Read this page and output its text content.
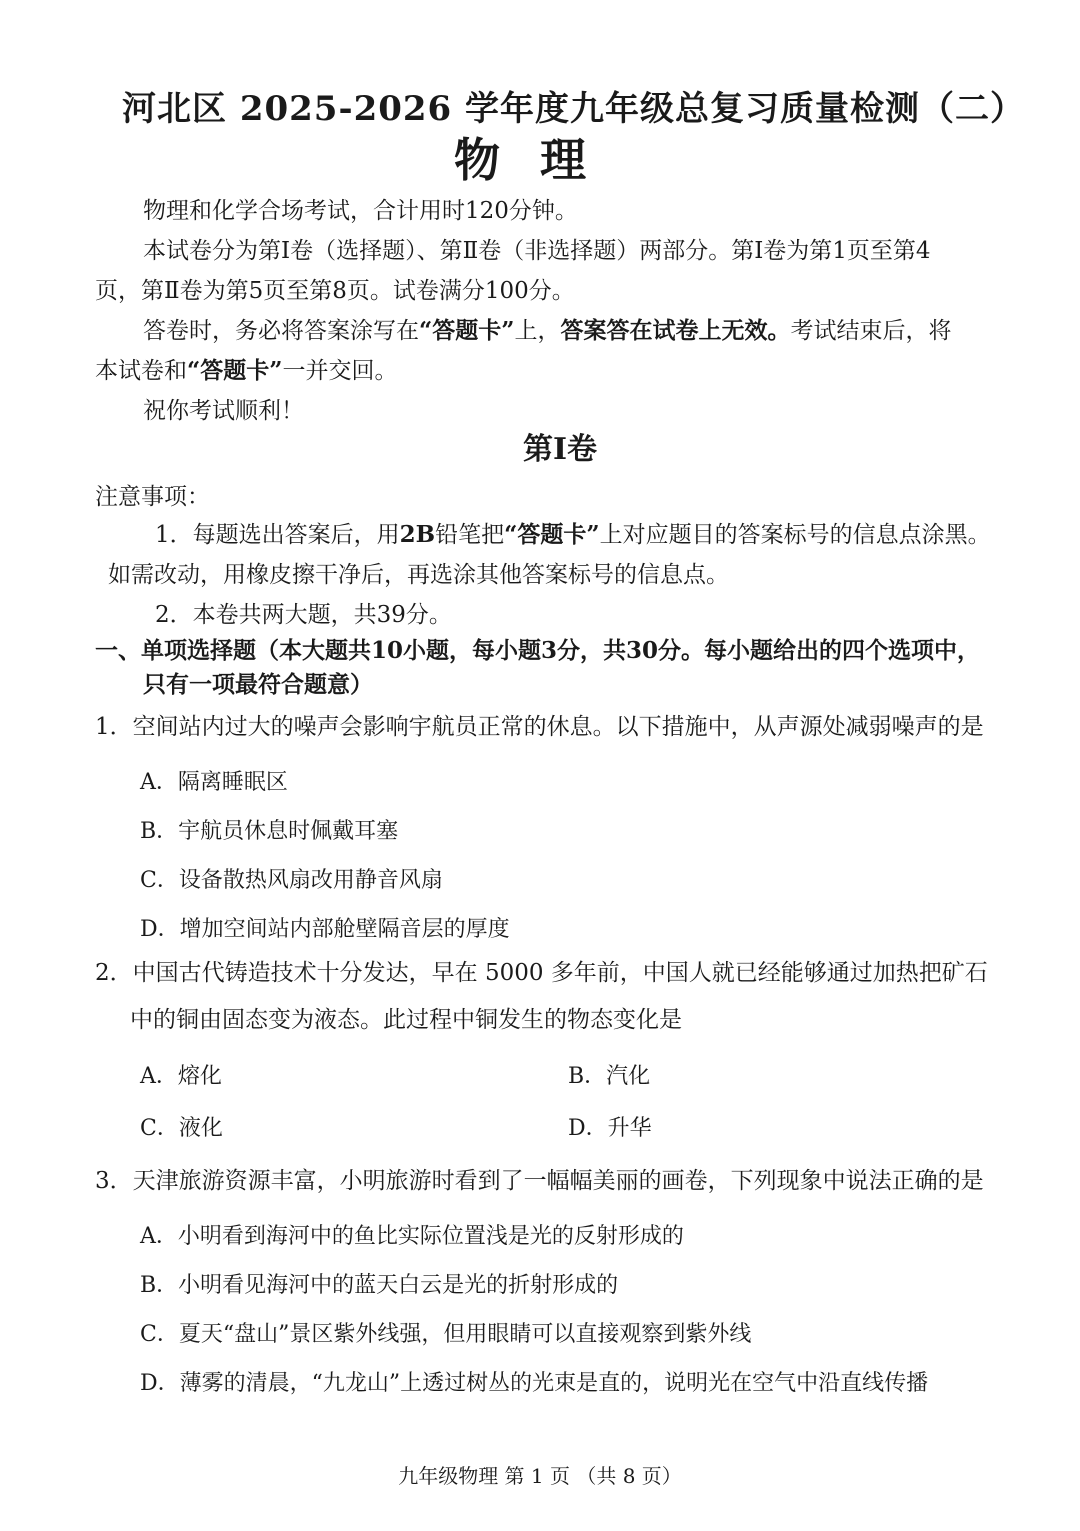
河北区 2025-2026 学年度九年级总复习质量检测（二）
物理
物理和化学合场考试，合计用时120分钟。
本试卷分为第Ⅰ卷（选择题）、第Ⅱ卷（非选择题）两部分。第Ⅰ卷为第1页至第4
页，第Ⅱ卷为第5页至第8页。试卷满分100分。
答卷时，务必将答案涂写在“答题卡”上，答案答在试卷上无效。考试结束后，将
本试卷和“答题卡”一并交回。
祝你考试顺利！
第Ⅰ卷
注意事项：
1．每题选出答案后，用2B铅笔把“答题卡”上对应题目的答案标号的信息点涂黑。
如需改动，用橡皮擦干净后，再选涂其他答案标号的信息点。
2．本卷共两大题，共39分。
一、单项选择题（本大题共10小题，每小题3分，共30分。每小题给出的四个选项中，
只有一项最符合题意）
1．空间站内过大的噪声会影响宇航员正常的休息。以下措施中，从声源处减弱噪声的是
A．隔离睡眠区
B．宇航员休息时佩戴耳塞
C．设备散热风扇改用静音风扇
D．增加空间站内部舱壁隔音层的厚度
2．中国古代铸造技术十分发达，早在 5000 多年前，中国人就已经能够通过加热把矿石
中的铜由固态变为液态。此过程中铜发生的物态变化是
A．熔化	B．汽化
C．液化	D．升华
3．天津旅游资源丰富，小明旅游时看到了一幅幅美丽的画卷，下列现象中说法正确的是
A．小明看到海河中的鱼比实际位置浅是光的反射形成的
B．小明看见海河中的蓝天白云是光的折射形成的
C．夏天“盘山”景区紫外线强，但用眼睛可以直接观察到紫外线
D．薄雾的清晨，“九龙山”上透过树丛的光束是直的，说明光在空气中沿直线传播
九年级物理 第 1 页 （共 8 页）
